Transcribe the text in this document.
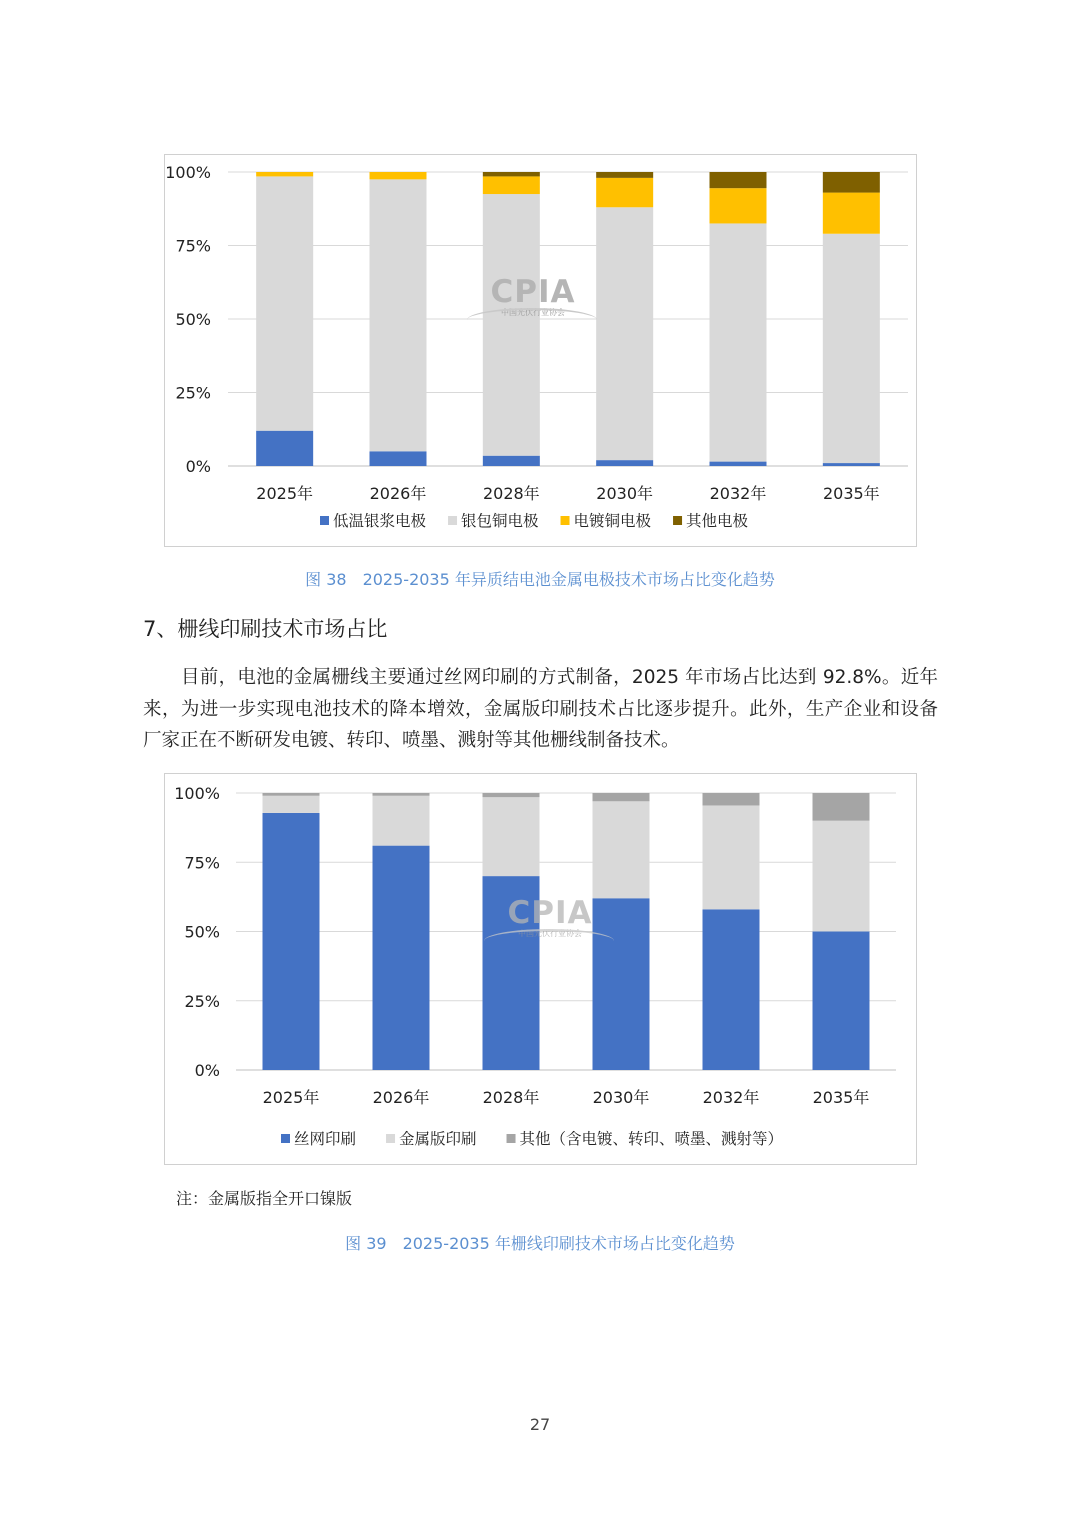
0%
25%
50%
75%
100%
2025年	2026年	2028年	2030年	2032年	2035年
低温银浆电极 银包铜电极 电镀铜电极 其他电极
CPIA
中国光伏行业协会
图 38　2025-2035 年异质结电池金属电极技术市场占比变化趋势
7、栅线印刷技术市场占比
目前，电池的金属栅线主要通过丝网印刷的方式制备，2025 年市场占比达到 92.8%。近年来，为进一步实现电池技术的降本增效，金属版印刷技术占比逐步提升。此外，生产企业和设备厂家正在不断研发电镀、转印、喷墨、溅射等其他栅线制备技术。
0%
25%
50%
75%
100%
2025年	2026年	2028年	2030年	2032年	2035年
丝网印刷	金属版印刷	其他（含电镀、转印、喷墨、溅射等）
CPIA
中国光伏行业协会
注：金属版指全开口镍版
图 39　2025-2035 年栅线印刷技术市场占比变化趋势
27
